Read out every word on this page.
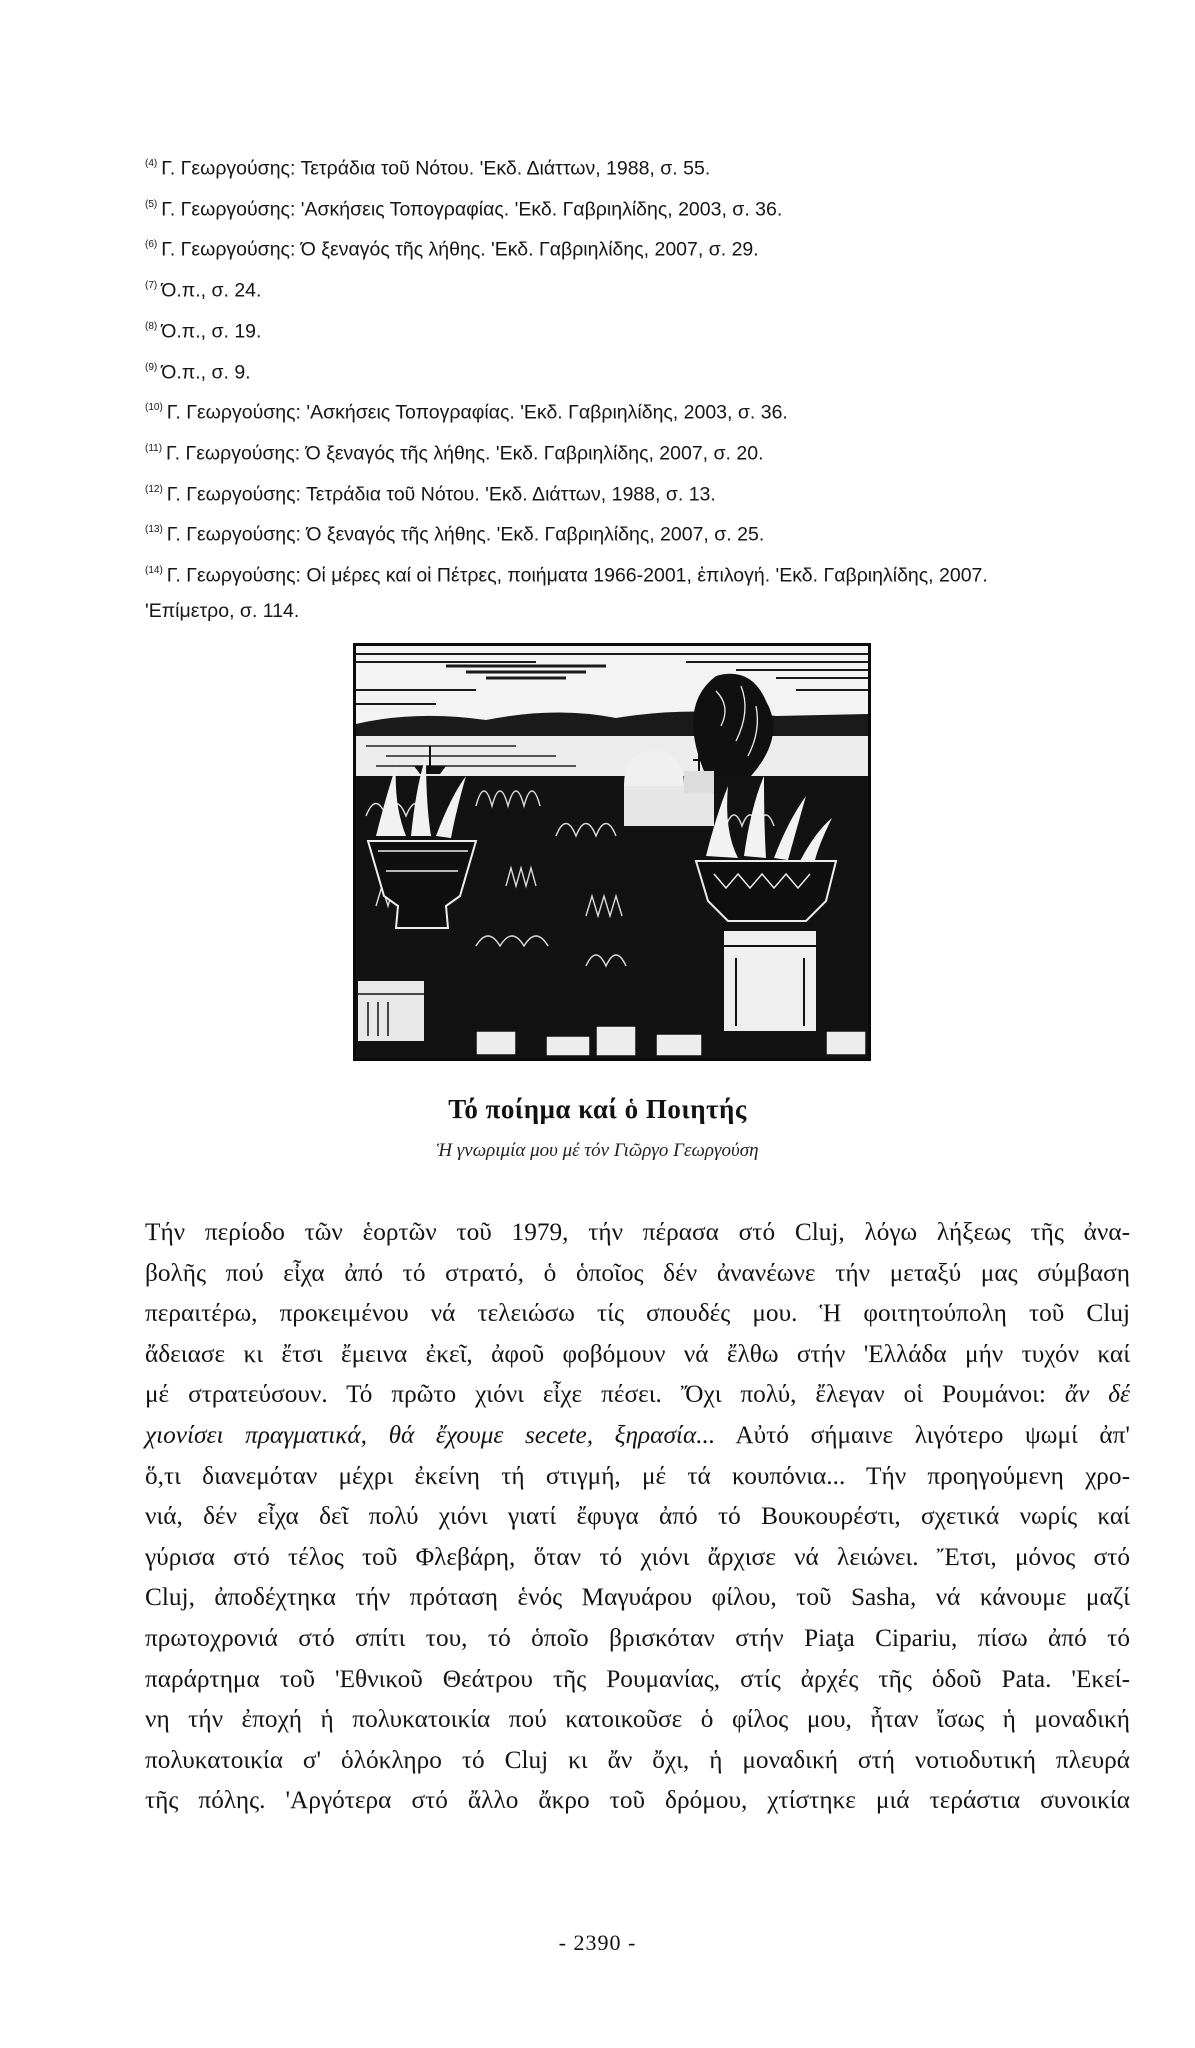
$^{(4)}$ Γ. Γεωργούσης: Τετράδια τοῦ Νότου. 'Εκδ. Διάττων, 1988, σ. 55.
$^{(5)}$ Γ. Γεωργούσης: 'Ασκήσεις Τοπογραφίας. 'Εκδ. Γαβριηλίδης, 2003, σ. 36.
$^{(6)}$ Γ. Γεωργούσης: Ό ξεναγός τῆς λήθης. 'Εκδ. Γαβριηλίδης, 2007, σ. 29.
$^{(7)}$ Ό.π., σ. 24.
$^{(8)}$ Ό.π., σ. 19.
$^{(9)}$ Ό.π., σ. 9.
$^{(10)}$ Γ. Γεωργούσης: 'Ασκήσεις Τοπογραφίας. 'Εκδ. Γαβριηλίδης, 2003, σ. 36.
$^{(11)}$ Γ. Γεωργούσης: Ό ξεναγός τῆς λήθης. 'Εκδ. Γαβριηλίδης, 2007, σ. 20.
$^{(12)}$ Γ. Γεωργούσης: Τετράδια τοῦ Νότου. 'Εκδ. Διάττων, 1988, σ. 13.
$^{(13)}$ Γ. Γεωργούσης: Ό ξεναγός τῆς λήθης. 'Εκδ. Γαβριηλίδης, 2007, σ. 25.
$^{(14)}$ Γ. Γεωργούσης: Οἱ μέρες καί οἱ Πέτρες, ποιήματα 1966-2001, ἐπιλογή. 'Εκδ. Γαβριηλίδης, 2007.
'Επίμετρο, σ. 114.
Τό ποίημα καί ὁ Ποιητής
Ἡ γνωριμία μου μέ τόν Γιῶργο Γεωργούση
Τήν περίοδο τῶν ἑορτῶν τοῦ 1979, τήν πέρασα στό Cluj, λόγω λήξεως τῆς ἀνα-
βολῆς πού εἶχα ἀπό τό στρατό, ὁ ὁποῖος δέν ἀνανέωνε τήν μεταξύ μας σύμβαση
περαιτέρω, προκειμένου νά τελειώσω τίς σπουδές μου. Ἡ φοιτητούπολη τοῦ Cluj
ἄδειασε κι ἔτσι ἔμεινα ἐκεῖ, ἀφοῦ φοβόμουν νά ἔλθω στήν 'Ελλάδα μήν τυχόν καί
μέ στρατεύσουν. Τό πρῶτο χιόνι εἶχε πέσει. Ὄχι πολύ, ἔλεγαν οἱ Ρουμάνοι: ἄν δέ
χιονίσει πραγματικά, θά ἔχουμε secete, ξηρασία... Αὐτό σήμαινε λιγότερο ψωμί ἀπ'
ὅ,τι διανεμόταν μέχρι ἐκείνη τή στιγμή, μέ τά κουπόνια... Τήν προηγούμενη χρο-
νιά, δέν εἶχα δεῖ πολύ χιόνι γιατί ἔφυγα ἀπό τό Βουκουρέστι, σχετικά νωρίς καί
γύρισα στό τέλος τοῦ Φλεβάρη, ὅταν τό χιόνι ἄρχισε νά λειώνει. Ἔτσι, μόνος στό
Cluj, ἀποδέχτηκα τήν πρόταση ἑνός Μαγυάρου φίλου, τοῦ Sasha, νά κάνουμε μαζί
πρωτοχρονιά στό σπίτι του, τό ὁποῖο βρισκόταν στήν Piaţa Cipariu, πίσω ἀπό τό
παράρτημα τοῦ 'Εθνικοῦ Θεάτρου τῆς Ρουμανίας, στίς ἀρχές τῆς ὁδοῦ Pata. 'Εκεί-
νη τήν ἐποχή ἡ πολυκατοικία πού κατοικοῦσε ὁ φίλος μου, ἦταν ἴσως ἡ μοναδική
πολυκατοικία σ' ὁλόκληρο τό Cluj κι ἄν ὄχι, ἡ μοναδική στή νοτιοδυτική πλευρά
τῆς πόλης. 'Αργότερα στό ἄλλο ἄκρο τοῦ δρόμου, χτίστηκε μιά τεράστια συνοικία
- 2390 -
